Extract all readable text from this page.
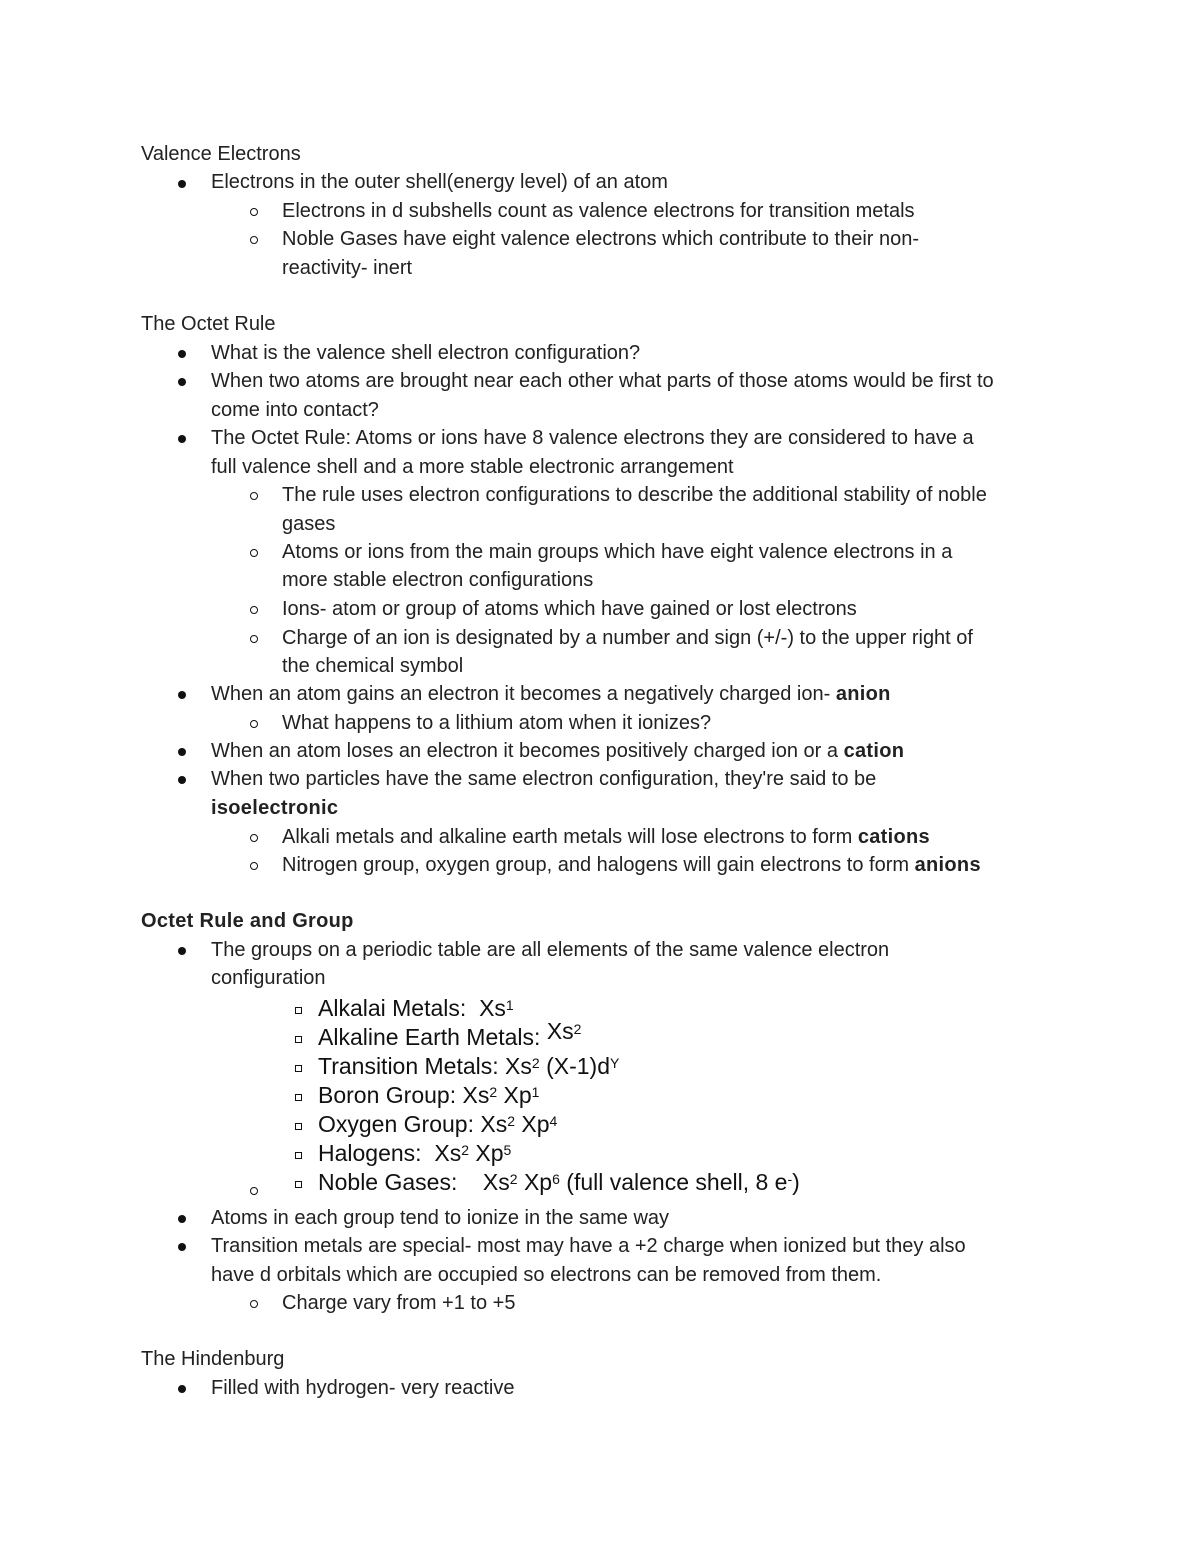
Valence Electrons
Electrons in the outer shell(energy level) of an atom
Electrons in d subshells count as valence electrons for transition metals
Noble Gases have eight valence electrons which contribute to their non-
reactivity- inert
The Octet Rule
What is the valence shell electron configuration?
When two atoms are brought near each other what parts of those atoms would be first to
come into contact?
The Octet Rule: Atoms or ions have 8 valence electrons they are considered to have a
full valence shell and a more stable electronic arrangement
The rule uses electron configurations to describe the additional stability of noble
gases
Atoms or ions from the main groups which have eight valence electrons in a
more stable electron configurations
Ions- atom or group of atoms which have gained or lost electrons
Charge of an ion is designated by a number and sign (+/-) to the upper right of
the chemical symbol
When an atom gains an electron it becomes a negatively charged ion- anion
What happens to a lithium atom when it ionizes?
When an atom loses an electron it becomes positively charged ion or a cation
When two particles have the same electron configuration, they're said to be
isoelectronic
Alkali metals and alkaline earth metals will lose electrons to form cations
Nitrogen group, oxygen group, and halogens will gain electrons to form anions
Octet Rule and Group
The groups on a periodic table are all elements of the same valence electron
configuration
Alkalai Metals: Xs$^1$
Alkaline Earth Metals: Xs$^2$
Transition Metals: Xs$^2$ $(X-1)d^Y$
Boron Group: Xs$^2$ Xp$^1$
Oxygen Group: Xs$^2$ Xp$^4$
Halogens: Xs$^2$ Xp$^5$
Noble Gases: Xs$^2$ Xp$^6$ (full valence shell, 8 e-)
Atoms in each group tend to ionize in the same way
Transition metals are special- most may have a +2 charge when ionized but they also
have d orbitals which are occupied so electrons can be removed from them.
Charge vary from +1 to +5
The Hindenburg
Filled with hydrogen- very reactive
